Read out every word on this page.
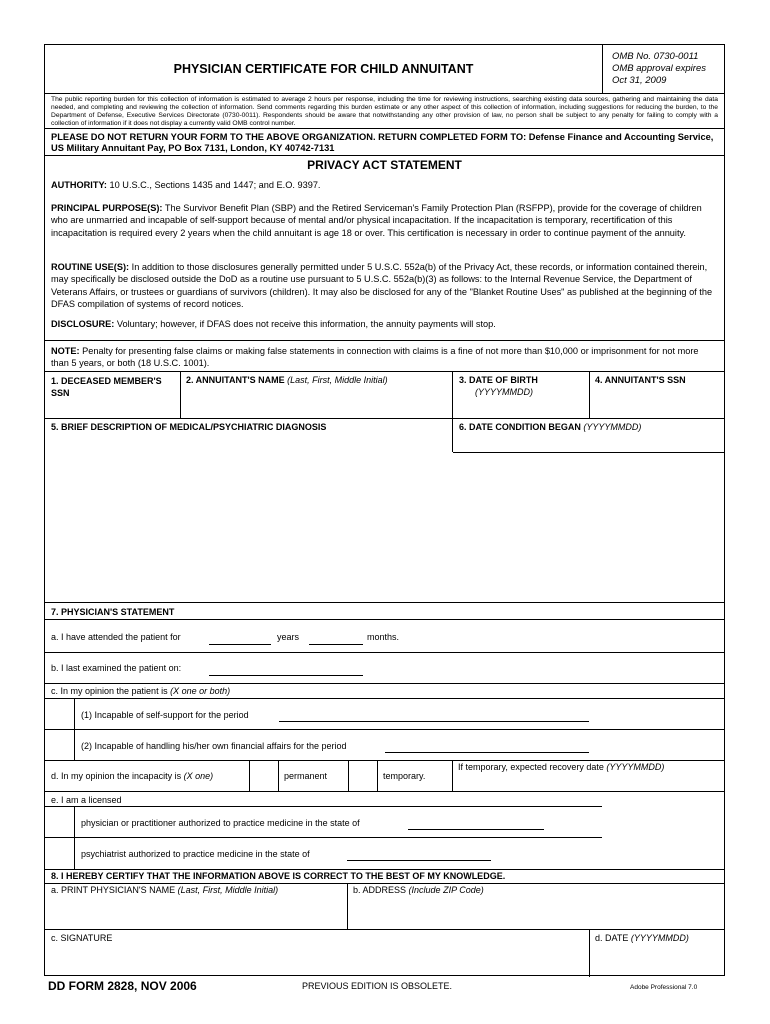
PHYSICIAN CERTIFICATE FOR CHILD ANNUITANT
OMB No. 0730-0011
OMB approval expires
Oct 31, 2009
The public reporting burden for this collection of information is estimated to average 2 hours per response, including the time for reviewing instructions, searching existing data sources, gathering and maintaining the data needed, and completing and reviewing the collection of information. Send comments regarding this burden estimate or any other aspect of this collection of information, including suggestions for reducing the burden, to the Department of Defense, Executive Services Directorate (0730-0011). Respondents should be aware that notwithstanding any other provision of law, no person shall be subject to any penalty for failing to comply with a collection of information if it does not display a currently valid OMB control number.
PLEASE DO NOT RETURN YOUR FORM TO THE ABOVE ORGANIZATION. RETURN COMPLETED FORM TO: Defense Finance and Accounting Service, US Military Annuitant Pay, PO Box 7131, London, KY 40742-7131
PRIVACY ACT STATEMENT
AUTHORITY: 10 U.S.C., Sections 1435 and 1447; and E.O. 9397.
PRINCIPAL PURPOSE(S): The Survivor Benefit Plan (SBP) and the Retired Serviceman's Family Protection Plan (RSFPP), provide for the coverage of children who are unmarried and incapable of self-support because of mental and/or physical incapacitation. If the incapacitation is temporary, recertification of this incapacitation is required every 2 years when the child annuitant is age 18 or over. This certification is necessary in order to continue payment of the annuity.
ROUTINE USE(S): In addition to those disclosures generally permitted under 5 U.S.C. 552a(b) of the Privacy Act, these records, or information contained therein, may specifically be disclosed outside the DoD as a routine use pursuant to 5 U.S.C. 552a(b)(3) as follows: to the Internal Revenue Service, the Department of Veterans Affairs, or trustees or guardians of survivors (children). It may also be disclosed for any of the "Blanket Routine Uses" as published at the beginning of the DFAS compilation of systems of record notices.
DISCLOSURE: Voluntary; however, if DFAS does not receive this information, the annuity payments will stop.
NOTE: Penalty for presenting false claims or making false statements in connection with claims is a fine of not more than $10,000 or imprisonment for not more than 5 years, or both (18 U.S.C. 1001).
1. DECEASED MEMBER'S SSN
2. ANNUITANT'S NAME (Last, First, Middle Initial)	3. DATE OF BIRTH
(YYYYMMDD)
4. ANNUITANT'S SSN
5. BRIEF DESCRIPTION OF MEDICAL/PSYCHIATRIC DIAGNOSIS	6. DATE CONDITION BEGAN (YYYYMMDD)
7. PHYSICIAN'S STATEMENT
a. I have attended the patient for	years	months.
b. I last examined the patient on:
c. In my opinion the patient is (X one or both)
(1) Incapable of self-support for the period
(2) Incapable of handling his/her own financial affairs for the period
d. In my opinion the incapacity is (X one)	permanent	temporary.
If temporary, expected recovery date (YYYYMMDD)
e. I am a licensed
physician or practitioner authorized to practice medicine in the state of
psychiatrist authorized to practice medicine in the state of
8. I HEREBY CERTIFY THAT THE INFORMATION ABOVE IS CORRECT TO THE BEST OF MY KNOWLEDGE.
a. PRINT PHYSICIAN'S NAME (Last, First, Middle Initial)	b. ADDRESS (Include ZIP Code)
c. SIGNATURE	d. DATE (YYYYMMDD)
DD FORM 2828, NOV 2006	PREVIOUS EDITION IS OBSOLETE.	Adobe Professional 7.0
